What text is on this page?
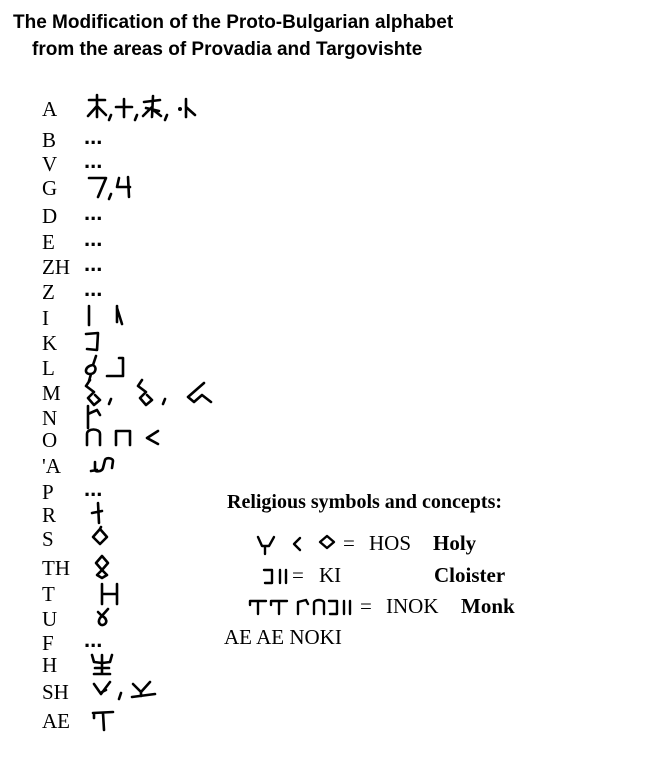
The Modification of the Proto-Bulgarian alphabet
from the areas of Provadia and Targovishte
A
B ...
V ...
G
D ...
E ...
ZH ...
Z ...
I
K
L
M
N
O
'A
P ...
R
S
TH
T
U
F ...
H
SH
AE
Religious symbols and concepts:
= HOS Holy
= KI	Cloister
= INOK Monk
AE AE NOKI
